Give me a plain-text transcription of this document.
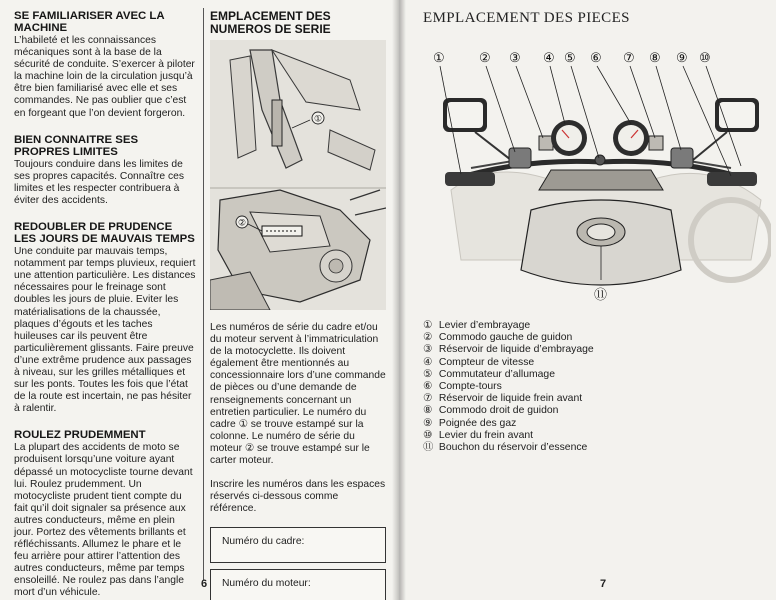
SE FAMILIARISER AVEC LA MACHINE

L’habileté et les connaissances mécaniques sont à la base de la sécurité de conduite. S’exercer à piloter la machine loin de la circulation jusqu’à être bien familiarisé avec elle et ses commandes. Ne pas oublier que c’est en forgeant que l’on devient forgeron.

BIEN CONNAITRE SES PROPRES LIMITES

Toujours conduire dans les limites de ses propres capacités. Connaître ces limites et les respecter contribuera à éviter des accidents.

REDOUBLER DE PRUDENCE LES JOURS DE MAUVAIS TEMPS

Une conduite par mauvais temps, notamment par temps pluvieux, requiert une attention particulière. Les distances nécessaires pour le freinage sont doubles les jours de pluie. Eviter les matérialisations de la chaussée, plaques d’égouts et les taches huileuses car ils peuvent être particulièrement glissants. Faire preuve d’une extrême prudence aux passages à niveau, sur les grilles métalliques et sur les ponts. Toutes les fois que l’état de la route est incertain, ne pas hésiter à ralentir.

ROULEZ PRUDEMMENT

La plupart des accidents de moto se produisent lorsqu’une voiture ayant dépassé un motocycliste tourne devant lui. Roulez prudemment. Un motocycliste prudent tient compte du fait qu’il doit signaler sa présence aux autres conducteurs, même en plein jour. Portez des vêtements brillants et réfléchissants. Allumez le phare et le feu arrière pour attirer l’attention des autres conducteurs, même par temps ensoleillé. Ne roulez pas dans l’angle mort d’un véhicule.

EMPLACEMENT DES NUMEROS DE SERIE
①
②

Les numéros de série du cadre et/ou du moteur servent à l’immatriculation de la motocyclette. Ils doivent également être mentionnés au concessionnaire lors d’une commande de pièces ou d’une demande de renseignements concernant un entretien particulier. Le numéro du cadre ① se trouve estampé sur la colonne. Le numéro de série du moteur ② se trouve estampé sur le carter moteur.

Inscrire les numéros dans les espaces réservés ci-dessous comme référence.

Numéro du cadre:
Numéro du moteur:
6
EMPLACEMENT DES PIECES
①	② ③ ④ ⑤ ⑥ ⑦ ⑧ ⑨ ⑩
⑪
① Levier d’embrayage
② Commodo gauche de guidon
③ Réservoir de liquide d’embrayage
④ Compteur de vitesse
⑤ Commutateur d’allumage
⑥ Compte-tours
⑦ Réservoir de liquide frein avant
⑧ Commodo droit de guidon
⑨ Poignée des gaz
⑩ Levier du frein avant
⑪ Bouchon du réservoir d’essence
7
